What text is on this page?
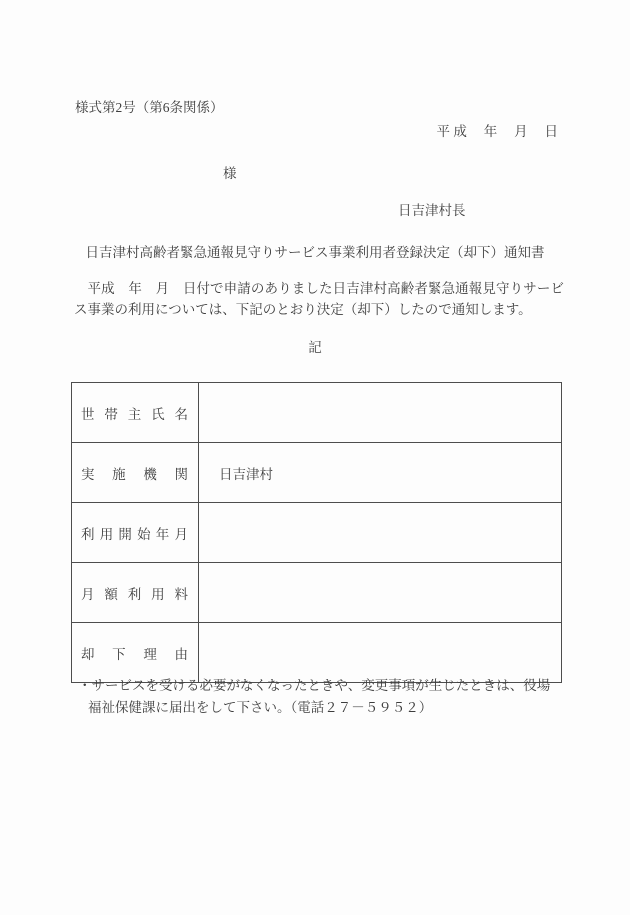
様式第2号（第6条関係）
平 成　 年　 月　 日
様
日吉津村長
日吉津村高齢者緊急通報見守りサービス事業利用者登録決定（却下）通知書
平成　年　月　日付で申請のありました日吉津村高齢者緊急通報見守りサービス事業の利用については、下記のとおり決定（却下）したので通知します。
記
世帯主氏名	
実施機関	日吉津村
利用開始年月	
月額利用料	
却下理由	
・サービスを受ける必要がなくなったときや、変更事項が生じたときは、役場
福祉保健課に届出をして下さい。（電話２７－５９５２）
